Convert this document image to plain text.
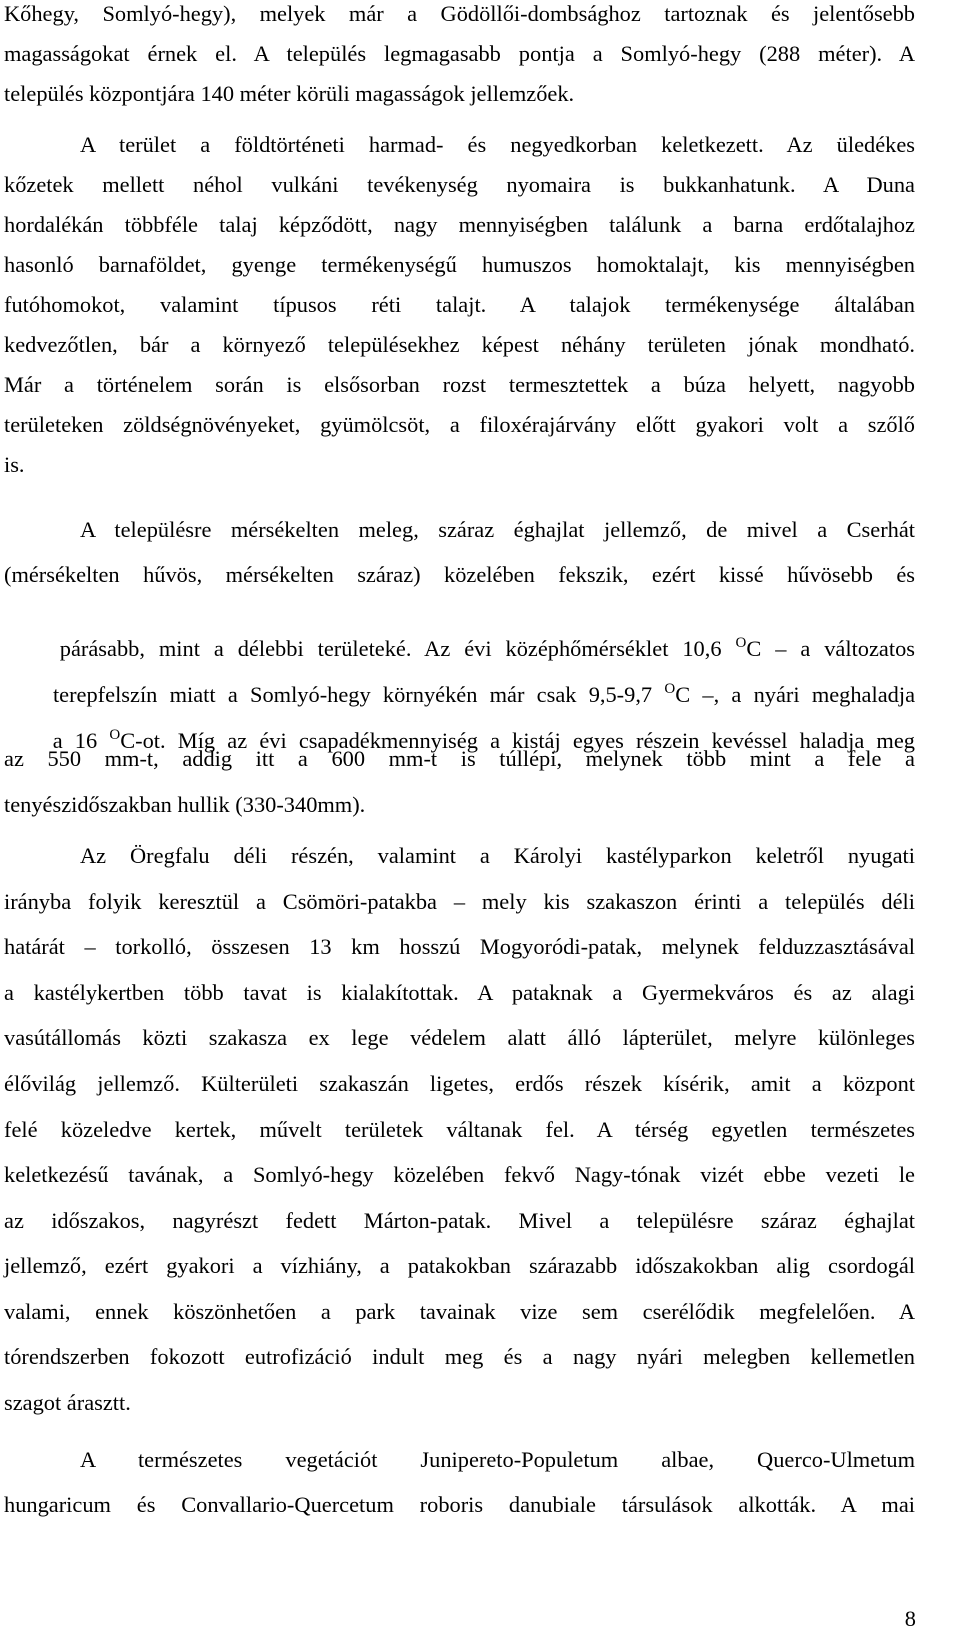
Kőhegy, Somlyó-hegy), melyek már a Gödöllői-dombsághoz tartoznak és jelentősebb
magasságokat érnek el. A település legmagasabb pontja a Somlyó-hegy (288 méter). A
település központjára 140 méter körüli magasságok jellemzőek.
A terület a földtörténeti harmad- és negyedkorban keletkezett. Az üledékes
kőzetek mellett néhol vulkáni tevékenység nyomaira is bukkanhatunk. A Duna
hordalékán többféle talaj képződött, nagy mennyiségben találunk a barna erdőtalajhoz
hasonló barnaföldet, gyenge termékenységű humuszos homoktalajt, kis mennyiségben
futóhomokot, valamint típusos réti talajt. A talajok termékenysége általában
kedvezőtlen, bár a környező településekhez képest néhány területen jónak mondható.
Már a történelem során is elsősorban rozst termesztettek a búza helyett, nagyobb
területeken zöldségnövényeket, gyümölcsöt, a filoxérajárvány előtt gyakori volt a szőlő
is.
A településre mérsékelten meleg, száraz éghajlat jellemző, de mivel a Cserhát
(mérsékelten hűvös, mérsékelten száraz) közelében fekszik, ezért kissé hűvösebb és

párásabb, mint a délebbi területeké. Az évi középhőmérséklet 10,6 $^O$C – a változatos

terepfelszín miatt a Somlyó-hegy környékén már csak 9,5-9,7 $^O$C –, a nyári meghaladja

a 16 $^O$C-ot. Míg az évi csapadékmennyiség a kistáj egyes részein kevéssel haladja meg

az 550 mm-t, addig itt a 600 mm-t is túllépi, melynek több mint a fele a
tenyészidőszakban hullik (330-340mm).
Az Öregfalu déli részén, valamint a Károlyi kastélyparkon keletről nyugati
irányba folyik keresztül a Csömöri-patakba – mely kis szakaszon érinti a település déli
határát – torkolló, összesen 13 km hosszú Mogyoródi-patak, melynek felduzzasztásával
a kastélykertben több tavat is kialakítottak. A pataknak a Gyermekváros és az alagi
vasútállomás közti szakasza ex lege védelem alatt álló lápterület, melyre különleges
élővilág jellemző. Külterületi szakaszán ligetes, erdős részek kísérik, amit a központ
felé közeledve kertek, művelt területek váltanak fel. A térség egyetlen természetes
keletkezésű tavának, a Somlyó-hegy közelében fekvő Nagy-tónak vizét ebbe vezeti le
az időszakos, nagyrészt fedett Márton-patak. Mivel a településre száraz éghajlat
jellemző, ezért gyakori a vízhiány, a patakokban szárazabb időszakokban alig csordogál
valami, ennek köszönhetően a park tavainak vize sem cserélődik megfelelően. A
tórendszerben fokozott eutrofizáció indult meg és a nagy nyári melegben kellemetlen
szagot árasztt.
A természetes vegetációt Junipereto-Populetum albae, Querco-Ulmetum
hungaricum és Convallario-Quercetum roboris danubiale társulások alkották. A mai
8
